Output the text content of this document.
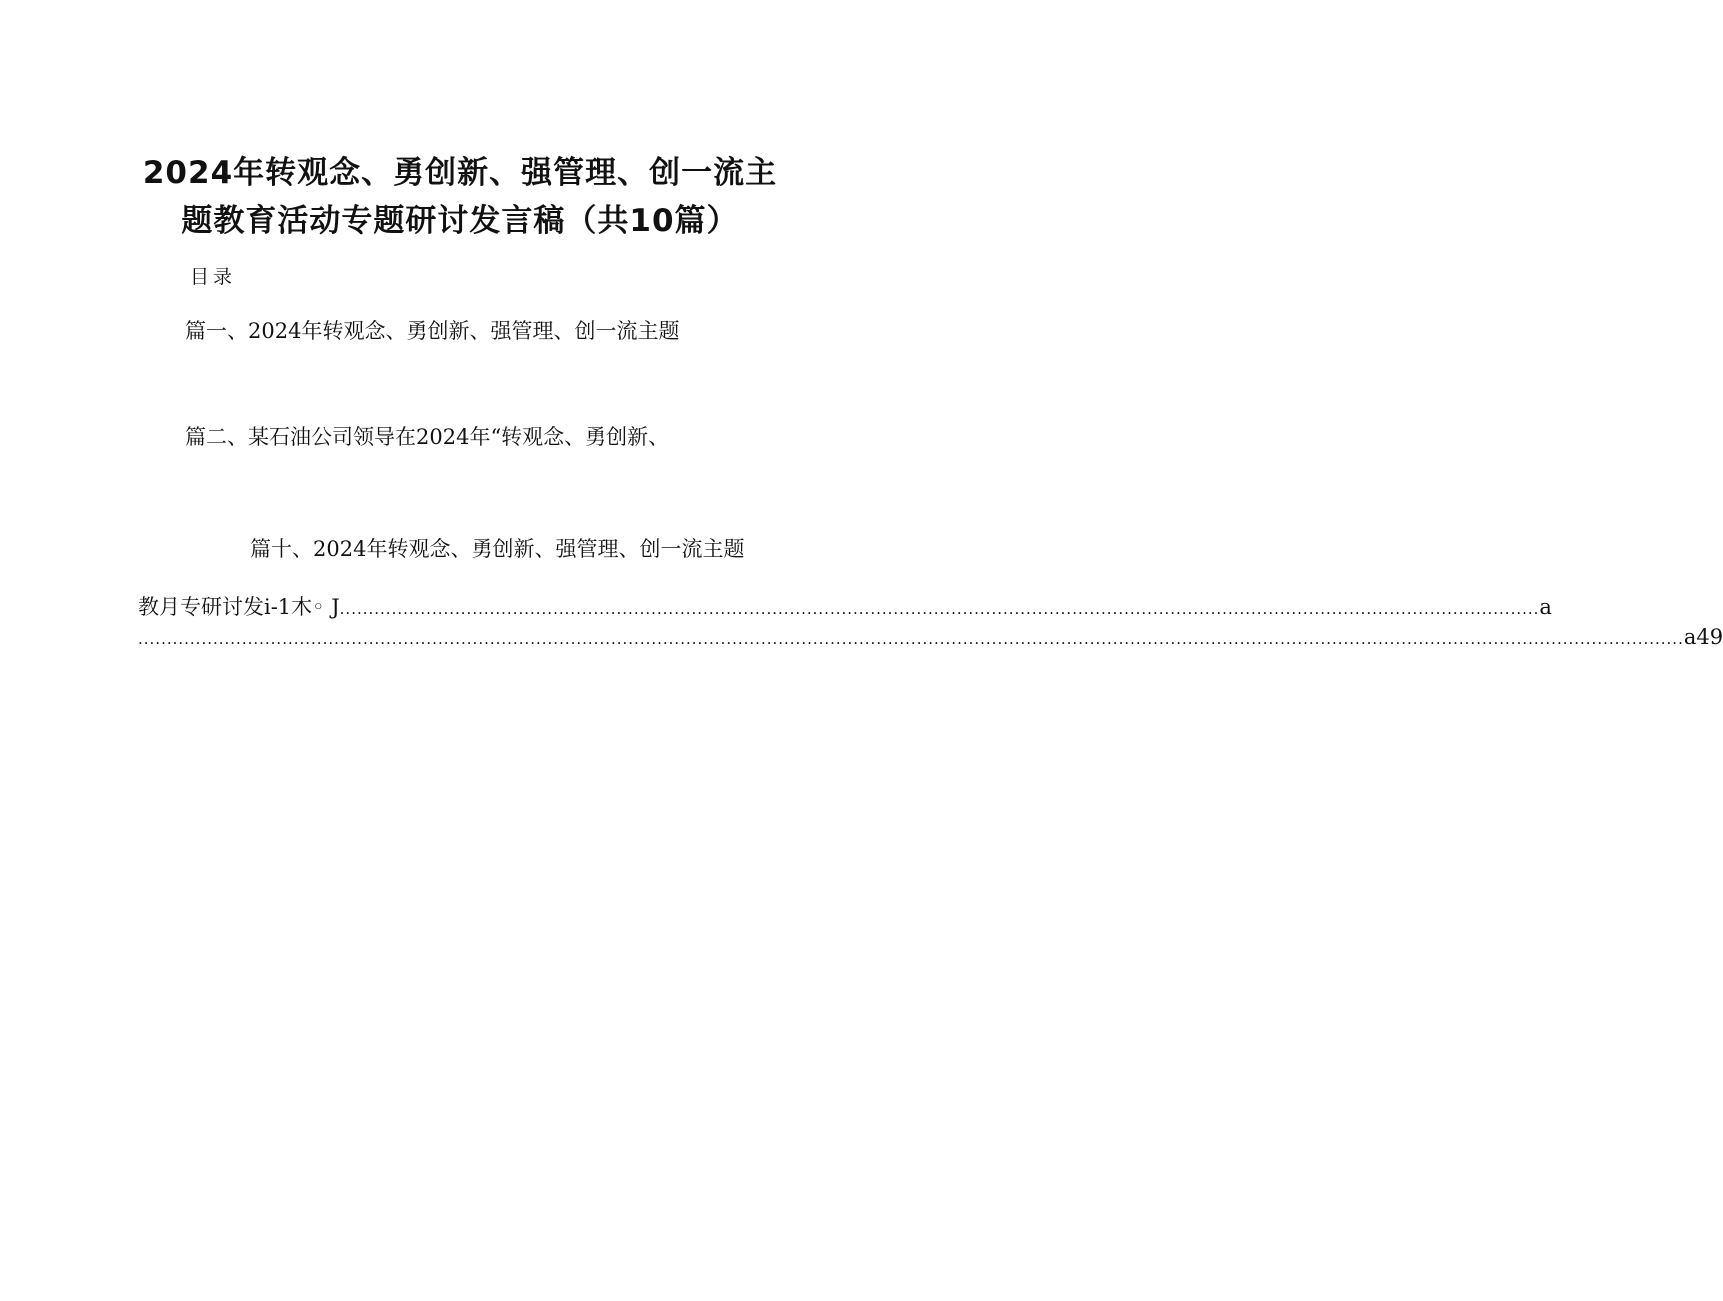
2024年转观念、勇创新、强管理、创一流主
题教育活动专题研讨发言稿（共10篇）
目录
篇一、2024年转观念、勇创新、强管理、创一流主题
篇二、某石油公司领导在2024年“转观念、勇创新、
篇十、2024年转观念、勇创新、强管理、创一流主题
教月专研讨发i-1木◦ J ................................................................................................................................................................................................................ a
............................................................................................................................................................................................................................................................................ a49
